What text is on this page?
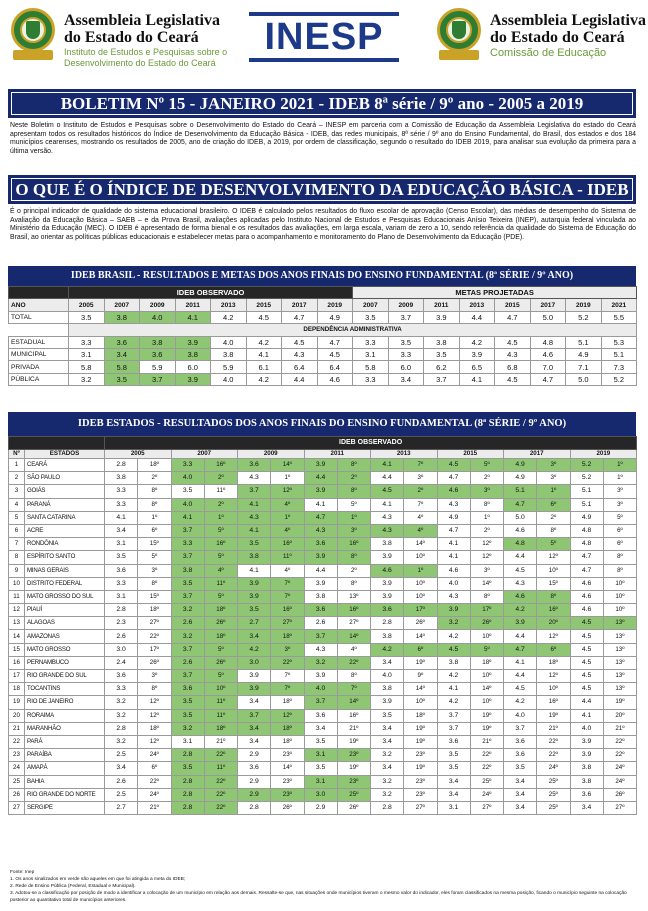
Assembleia Legislativa
do Estado do Ceará
Instituto de Estudos e Pesquisas sobre o
Desenvolvimento do Estado do Ceará
INESP	Assembleia Legislativa
do Estado do Ceará
Comissão de Educação
BOLETIM Nº 15 - JANEIRO 2021 - IDEB 8ª série / 9º ano - 2005 a 2019
Neste Boletim o Instituto de Estudos e Pesquisas sobre o Desenvolvimento do Estado do Ceará – INESP em parceria com a Comissão de Educação da Assembleia Legislativa do estado do Ceará apresentam todos os resultados históricos do Índice de Desenvolvimento da Educação Básica - IDEB, das redes municipais, 8ª série / 9º ano do Ensino Fundamental, do Brasil, dos estados e dos 184 municípios cearenses, mostrando os resultados de 2005, ano de criação do IDEB, a 2019, por ordem de classificação, segundo o resultado do IDEB 2019, para analisar sua evolução da primeira para a última versão.
O QUE É O ÍNDICE DE DESENVOLVIMENTO DA EDUCAÇÃO BÁSICA - IDEB
É o principal indicador de qualidade do sistema educacional brasileiro. O IDEB é calculado pelos resultados do fluxo escolar de aprovação (Censo Escolar), das médias de desempenho do Sistema de Avaliação da Educação Básica – SAEB – e da Prova Brasil, avaliações aplicadas pelo Instituto Nacional de Estudos e Pesquisas Educacionais Anísio Teixeira (INEP), autarquia federal vinculada ao Ministério da Educação (MEC). O IDEB é apresentado de forma bienal e os resultados das avaliações, em larga escala, variam de zero a 10, sendo referência da qualidade do Sistema de Educação do Brasil, ao orientar as políticas públicas educacionais e estabelecer metas para o acompanhamento e monitoramento do Plano de Desenvolvimento da Educação (PDE).
IDEB BRASIL - RESULTADOS E METAS DOS ANOS FINAIS DO ENSINO FUNDAMENTAL (8ª SÉRIE / 9º ANO)
	IDEB OBSERVADO								METAS PROJETADAS							
ANO	2005	2007	2009	2011	2013	2015	2017	2019	2007	2009	2011	2013	2015	2017	2019	2021
TOTAL	3.5	3.8	4.0	4.1	4.2	4.5	4.7	4.9	3.5	3.7	3.9	4.4	4.7	5.0	5.2	5.5
	DEPENDÊNCIA ADMINISTRATIVA															
ESTADUAL	3.3	3.6	3.8	3.9	4.0	4.2	4.5	4.7	3.3	3.5	3.8	4.2	4.5	4.8	5.1	5.3
MUNICIPAL	3.1	3.4	3.6	3.8	3.8	4.1	4.3	4.5	3.1	3.3	3.5	3.9	4.3	4.6	4.9	5.1
PRIVADA	5.8	5.8	5.9	6.0	5.9	6.1	6.4	6.4	5.8	6.0	6.2	6.5	6.8	7.0	7.1	7.3
PÚBLICA	3.2	3.5	3.7	3.9	4.0	4.2	4.4	4.6	3.3	3.4	3.7	4.1	4.5	4.7	5.0	5.2
IDEB ESTADOS - RESULTADOS DOS ANOS FINAIS DO ENSINO FUNDAMENTAL (8ª SÉRIE / 9º ANO)
		IDEB OBSERVADO															
Nº	ESTADOS	2005		2007		2009		2011		2013		2015		2017		2019	
1	CEARÁ	2.8	18º	3.3	16º	3.6	14º	3.9	8º	4.1	7º	4.5	5º	4.9	3º	5.2	1º
2	SÃO PAULO	3.8	2º	4.0	2º	4.3	1º	4.4	2º	4.4	3º	4.7	2º	4.9	3º	5.2	1º
3	GOIÁS	3.3	8º	3.5	11º	3.7	12º	3.9	8º	4.5	2º	4.6	3º	5.1	1º	5.1	3º
4	PARANÁ	3.3	8º	4.0	2º	4.1	4º	4.1	5º	4.1	7º	4.3	8º	4.7	6º	5.1	3º
5	SANTA CATARINA	4.1	1º	4.1	1º	4.3	1º	4.7	1º	4.3	4º	4.9	1º	5.0	2º	4.9	5º
6	ACRE	3.4	6º	3.7	5º	4.1	4º	4.3	3º	4.3	4º	4.7	2º	4.6	8º	4.8	6º
7	RONDÔNIA	3.1	15º	3.3	16º	3.5	16º	3.6	16º	3.8	14º	4.1	12º	4.8	5º	4.8	6º
8	ESPÍRITO SANTO	3.5	5º	3.7	5º	3.8	11º	3.9	8º	3.9	10º	4.1	12º	4.4	12º	4.7	8º
9	MINAS GERAIS	3.6	3º	3.8	4º	4.1	4º	4.4	2º	4.6	1º	4.6	3º	4.5	10º	4.7	8º
10	DISTRITO FEDERAL	3.3	8º	3.5	11º	3.9	7º	3.9	8º	3.9	10º	4.0	14º	4.3	15º	4.6	10º
11	MATO GROSSO DO SUL	3.1	15º	3.7	5º	3.9	7º	3.8	13º	3.9	10º	4.3	8º	4.6	8º	4.6	10º
12	PIAUÍ	2.8	18º	3.2	18º	3.5	16º	3.6	16º	3.6	17º	3.9	17º	4.2	16º	4.6	10º
13	ALAGOAS	2.3	27º	2.6	26º	2.7	27º	2.6	27º	2.8	26º	3.2	26º	3.9	20º	4.5	13º
14	AMAZONAS	2.6	22º	3.2	18º	3.4	18º	3.7	14º	3.8	14º	4.2	10º	4.4	12º	4.5	13º
15	MATO GROSSO	3.0	17º	3.7	5º	4.2	3º	4.3	4º	4.2	6º	4.5	5º	4.7	6º	4.5	13º
16	PERNAMBUCO	2.4	26º	2.6	26º	3.0	22º	3.2	22º	3.4	19º	3.8	18º	4.1	18º	4.5	13º
17	RIO GRANDE DO SUL	3.6	3º	3.7	5º	3.9	7º	3.9	8º	4.0	9º	4.2	10º	4.4	12º	4.5	13º
18	TOCANTINS	3.3	8º	3.6	10º	3.9	7º	4.0	7º	3.8	14º	4.1	14º	4.5	10º	4.5	13º
19	RIO DE JANEIRO	3.2	12º	3.5	11º	3.4	18º	3.7	14º	3.9	10º	4.2	10º	4.2	16º	4.4	19º
20	RORAIMA	3.2	12º	3.5	11º	3.7	12º	3.6	16º	3.5	18º	3.7	19º	4.0	19º	4.1	20º
21	MARANHÃO	2.8	18º	3.2	18º	3.4	18º	3.4	21º	3.4	19º	3.7	19º	3.7	21º	4.0	21º
22	PARÁ	3.2	12º	3.1	21º	3.4	18º	3.5	19º	3.4	19º	3.6	21º	3.6	22º	3.9	22º
23	PARAÍBA	2.5	24º	2.8	22º	2.9	23º	3.1	23º	3.2	23º	3.5	22º	3.6	22º	3.9	22º
24	AMAPÁ	3.4	6º	3.5	11º	3.6	14º	3.5	19º	3.4	19º	3.5	22º	3.5	24º	3.8	24º
25	BAHIA	2.6	22º	2.8	22º	2.9	23º	3.1	23º	3.2	23º	3.4	25º	3.4	25º	3.8	24º
26	RIO GRANDE DO NORTE	2.5	24º	2.8	22º	2.9	23º	3.0	25º	3.2	23º	3.4	24º	3.4	25º	3.6	26º
27	SERGIPE	2.7	21º	2.8	22º	2.8	26º	2.9	26º	2.8	27º	3.1	27º	3.4	25º	3.4	27º
Fonte: Inep
1. Os anos sinalizados em verde são aqueles em que foi atingida a meta do IDEB;
2. Rede de Ensino Pública (Federal, Estadual e Municipal).
3. Adotou-se a classificação por posição de modo a identificar a colocação de um município em relação aos demais. Ressalte-se que, nas situações onde municípios tiveram o mesmo valor do indicador, eles foram classificados na mesma posição, ficando o município seguinte na colocação posterior ao quantitativo total de municípios anteriores.
